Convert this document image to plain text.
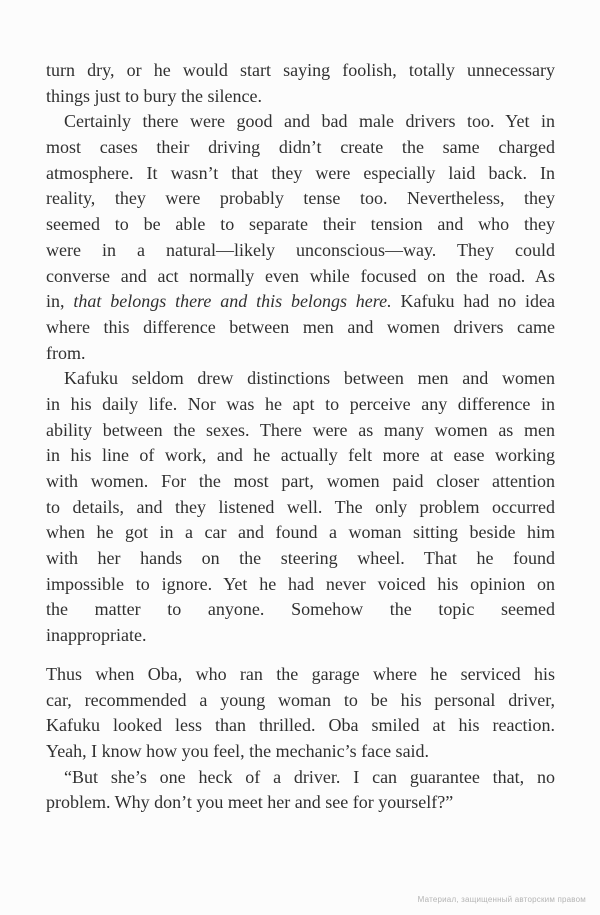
turn dry, or he would start saying foolish, totally unnecessary
things just to bury the silence.
Certainly there were good and bad male drivers too. Yet in
most cases their driving didn’t create the same charged
atmosphere. It wasn’t that they were especially laid back. In
reality, they were probably tense too. Nevertheless, they
seemed to be able to separate their tension and who they
were in a natural—likely unconscious—way. They could
converse and act normally even while focused on the road. As
in, that belongs there and this belongs here. Kafuku had no idea
where this difference between men and women drivers came
from.
Kafuku seldom drew distinctions between men and women
in his daily life. Nor was he apt to perceive any difference in
ability between the sexes. There were as many women as men
in his line of work, and he actually felt more at ease working
with women. For the most part, women paid closer attention
to details, and they listened well. The only problem occurred
when he got in a car and found a woman sitting beside him
with her hands on the steering wheel. That he found
impossible to ignore. Yet he had never voiced his opinion on
the matter to anyone. Somehow the topic seemed
inappropriate.
Thus when Oba, who ran the garage where he serviced his
car, recommended a young woman to be his personal driver,
Kafuku looked less than thrilled. Oba smiled at his reaction.
Yeah, I know how you feel, the mechanic’s face said.
“But she’s one heck of a driver. I can guarantee that, no
problem. Why don’t you meet her and see for yourself?”
Материал, защищенный авторским правом
